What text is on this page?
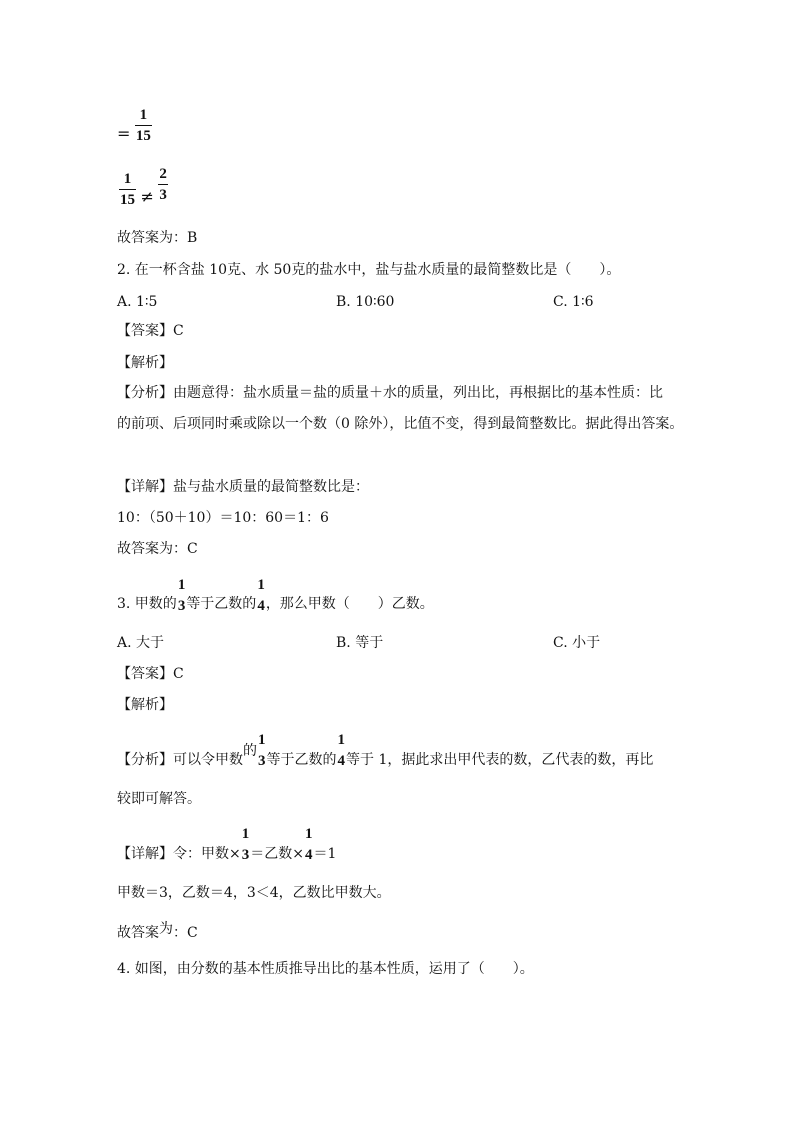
= $\frac{1}{15}$
$\frac{1}{15} \ne \frac{2}{3}$
故答案为：B
2. 在一杯含盐 10克、水 50克的盐水中，盐与盐水质量的最简整数比是（　　）。
A. 1∶5	B. 10∶60	C. 1∶6
【答案】C
【解析】
【分析】由题意得：盐水质量＝盐的质量＋水的质量，列出比，再根据比的基本性质：比
的前项、后项同时乘或除以一个数（0 除外），比值不变，得到最简整数比。据此得出答案。
【详解】盐与盐水质量的最简整数比是：
10：（50＋10）＝10：60＝1：6
故答案为：C
3. 甲数的
1
3 等于乙数的
1
4 ，那么甲数（　　）乙数。
A. 大于	B. 等于	C. 小于
【答案】C
【解析】
【分析】可以令甲数的
1
3 等于乙数的
1
4 等于 1，据此求出甲代表的数，乙代表的数，再比
较即可解答。
【详解】令：甲数×
1
3 ＝乙数×
1
4 ＝1
甲数＝3，乙数＝4，3＜4，乙数比甲数大。
故答案为：C
4. 如图，由分数的基本性质推导出比的基本性质，运用了（　　）。
